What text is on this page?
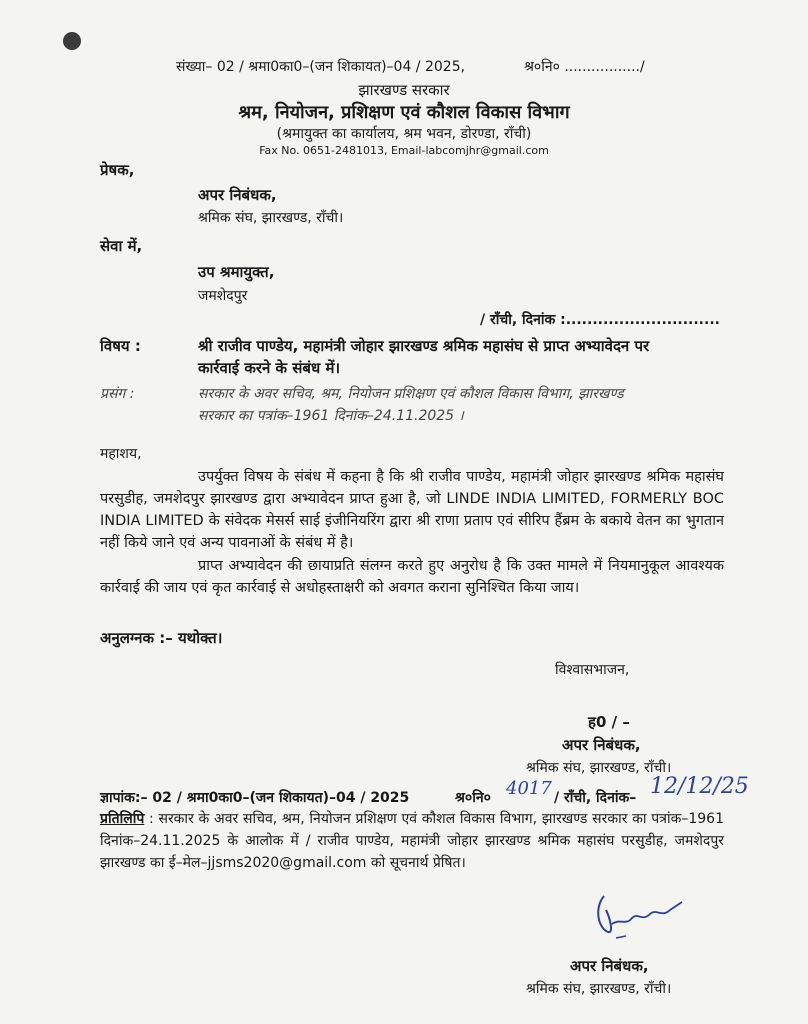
संख्या– 02 / श्रमा0का0–(जन शिकायत)–04 / 2025,	श्र०नि० ................./
झारखण्ड सरकार
श्रम, नियोजन, प्रशिक्षण एवं कौशल विकास विभाग
(श्रमायुक्त का कार्यालय, श्रम भवन, डोरण्डा, राँची)
Fax No. 0651-2481013, Email-labcomjhr@gmail.com
प्रेषक,
अपर निबंधक,
श्रमिक संघ, झारखण्ड, राँची।
सेवा में,
उप श्रमायुक्त,
जमशेदपुर
/ राँची, दिनांक :.............................
विषय :	श्री राजीव पाण्डेय, महामंत्री जोहार झारखण्ड श्रमिक महासंघ से प्राप्त अभ्यावेदन पर
कार्रवाई करने के संबंध में।
प्रसंग :	सरकार के अवर सचिव, श्रम, नियोजन प्रशिक्षण एवं कौशल विकास विभाग, झारखण्ड
सरकार का पत्रांक–1961 दिनांक–24.11.2025 ।
महाशय,
उपर्युक्त विषय के संबंध में कहना है कि श्री राजीव पाण्डेय, महामंत्री जोहार झारखण्ड श्रमिक महासंघ परसुडीह, जमशेदपुर झारखण्ड द्वारा अभ्यावेदन प्राप्त हुआ है, जो LINDE INDIA LIMITED, FORMERLY BOC INDIA LIMITED के संवेदक मेसर्स साई इंजीनियरिंग द्वारा श्री राणा प्रताप एवं सीरिप हैंब्रम के बकाये वेतन का भुगतान नहीं किये जाने एवं अन्य पावनाओं के संबंध में है।
प्राप्त अभ्यावेदन की छायाप्रति संलग्न करते हुए अनुरोध है कि उक्त मामले में नियमानुकूल आवश्यक कार्रवाई की जाय एवं कृत कार्रवाई से अधोहस्ताक्षरी को अवगत कराना सुनिश्चित किया जाय।
अनुलग्नक :– यथोक्त।
विश्वासभाजन,
ह0 / –
अपर निबंधक,
श्रमिक संघ, झारखण्ड, राँची।
ज्ञापांक:– 02 / श्रमा0का0–(जन शिकायत)–04 / 2025	श्र०नि० 4017 / राँची, दिनांक– 12/12/25
प्रतिलिपि : सरकार के अवर सचिव, श्रम, नियोजन प्रशिक्षण एवं कौशल विकास विभाग, झारखण्ड सरकार का पत्रांक–1961 दिनांक–24.11.2025 के आलोक में / राजीव पाण्डेय, महामंत्री जोहार झारखण्ड श्रमिक महासंघ परसुडीह, जमशेदपुर झारखण्ड का ई–मेल–jjsms2020@gmail.com को सूचनार्थ प्रेषित।
अपर निबंधक,
श्रमिक संघ, झारखण्ड, राँची।
